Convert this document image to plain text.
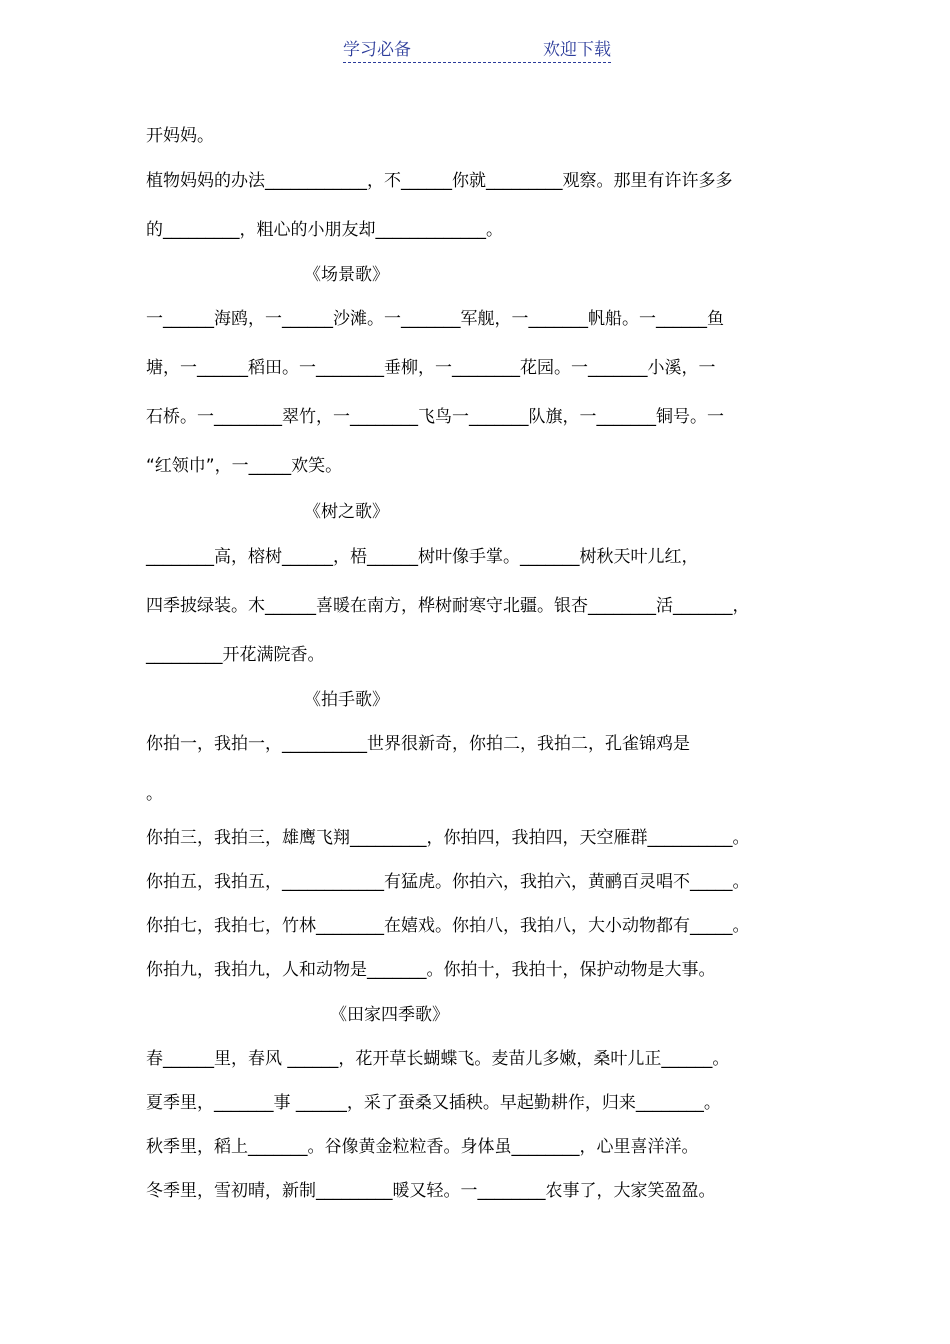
学习必备	欢迎下载
开妈妈。
植物妈妈的办法____________，不______你就_________观察。那里有许许多多
的_________，粗心的小朋友却_____________。
《场景歌》
一______海鸥，一______沙滩。一_______军舰，一_______帆船。一______鱼
塘，一______稻田。一________垂柳，一________花园。一_______小溪，一
石桥。一________翠竹，一________飞鸟一_______队旗，一_______铜号。一
“红领巾”，一_____欢笑。
《树之歌》
________高，榕树______，梧______树叶像手掌。_______树秋天叶儿红，
四季披绿装。木______喜暖在南方，桦树耐寒守北疆。银杏________活_______，
_________开花满院香。
《拍手歌》
你拍一，我拍一，__________世界很新奇，你拍二，我拍二，孔雀锦鸡是
。
你拍三，我拍三，雄鹰飞翔_________，你拍四，我拍四，天空雁群__________。
你拍五，我拍五，____________有猛虎。你拍六，我拍六，黄鹂百灵唱不_____。
你拍七，我拍七，竹林________在嬉戏。你拍八，我拍八，大小动物都有_____。
你拍九，我拍九，人和动物是_______。你拍十，我拍十，保护动物是大事。
《田家四季歌》
春______里，春风 ______，花开草长蝴蝶飞。麦苗儿多嫩，桑叶儿正______。
夏季里，_______事 ______，采了蚕桑又插秧。早起勤耕作，归来________。
秋季里，稻上_______。谷像黄金粒粒香。身体虽________，心里喜洋洋。
冬季里，雪初晴，新制_________暖又轻。一________农事了，大家笑盈盈。
